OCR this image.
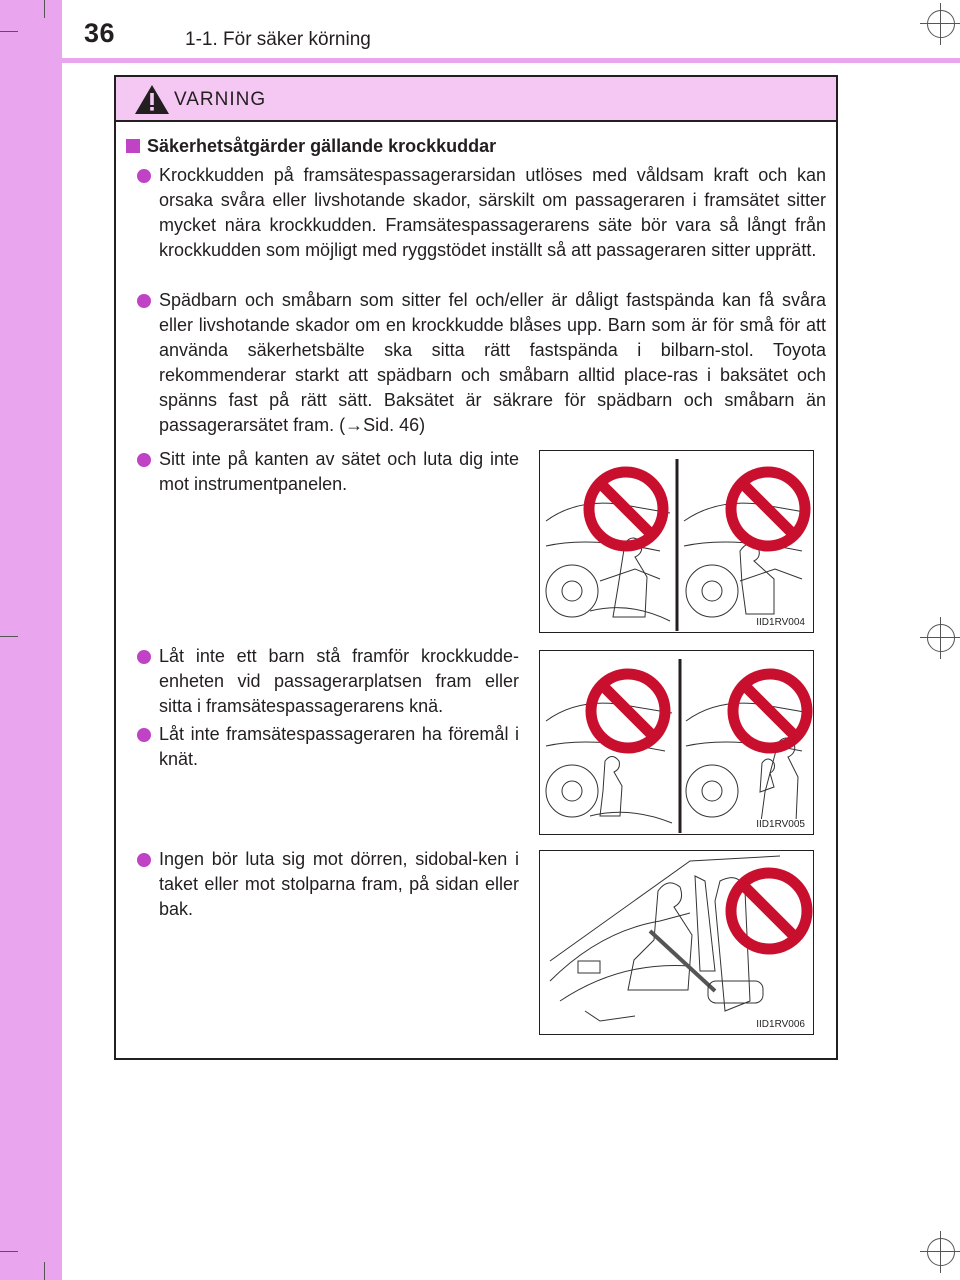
36	1-1. För säker körning
VARNING
Säkerhetsåtgärder gällande krockkuddar
Krockkudden på framsätespassagerarsidan utlöses med våldsam kraft och kan orsaka svåra eller livshotande skador, särskilt om passageraren i framsätet sitter mycket nära krockkudden. Framsätespassagerarens säte bör vara så långt från krockkudden som möjligt med ryggstödet inställt så att passageraren sitter upprätt.
Spädbarn och småbarn som sitter fel och/eller är dåligt fastspända kan få svåra eller livshotande skador om en krockkudde blåses upp. Barn som är för små för att använda säkerhetsbälte ska sitta rätt fastspända i bilbarn-stol. Toyota rekommenderar starkt att spädbarn och småbarn alltid place-ras i baksätet och spänns fast på rätt sätt. Baksätet är säkrare för spädbarn och småbarn än passagerarsätet fram. (→Sid. 46)
Sitt inte på kanten av sätet och luta dig inte mot instrumentpanelen.
Låt inte ett barn stå framför krockkudde-enheten vid passagerarplatsen fram eller sitta i framsätespassagerarens knä.
Låt inte framsätespassageraren ha föremål i knät.
Ingen bör luta sig mot dörren, sidobal-ken i taket eller mot stolparna fram, på sidan eller bak.
IID1RV004
IID1RV005
IID1RV006
